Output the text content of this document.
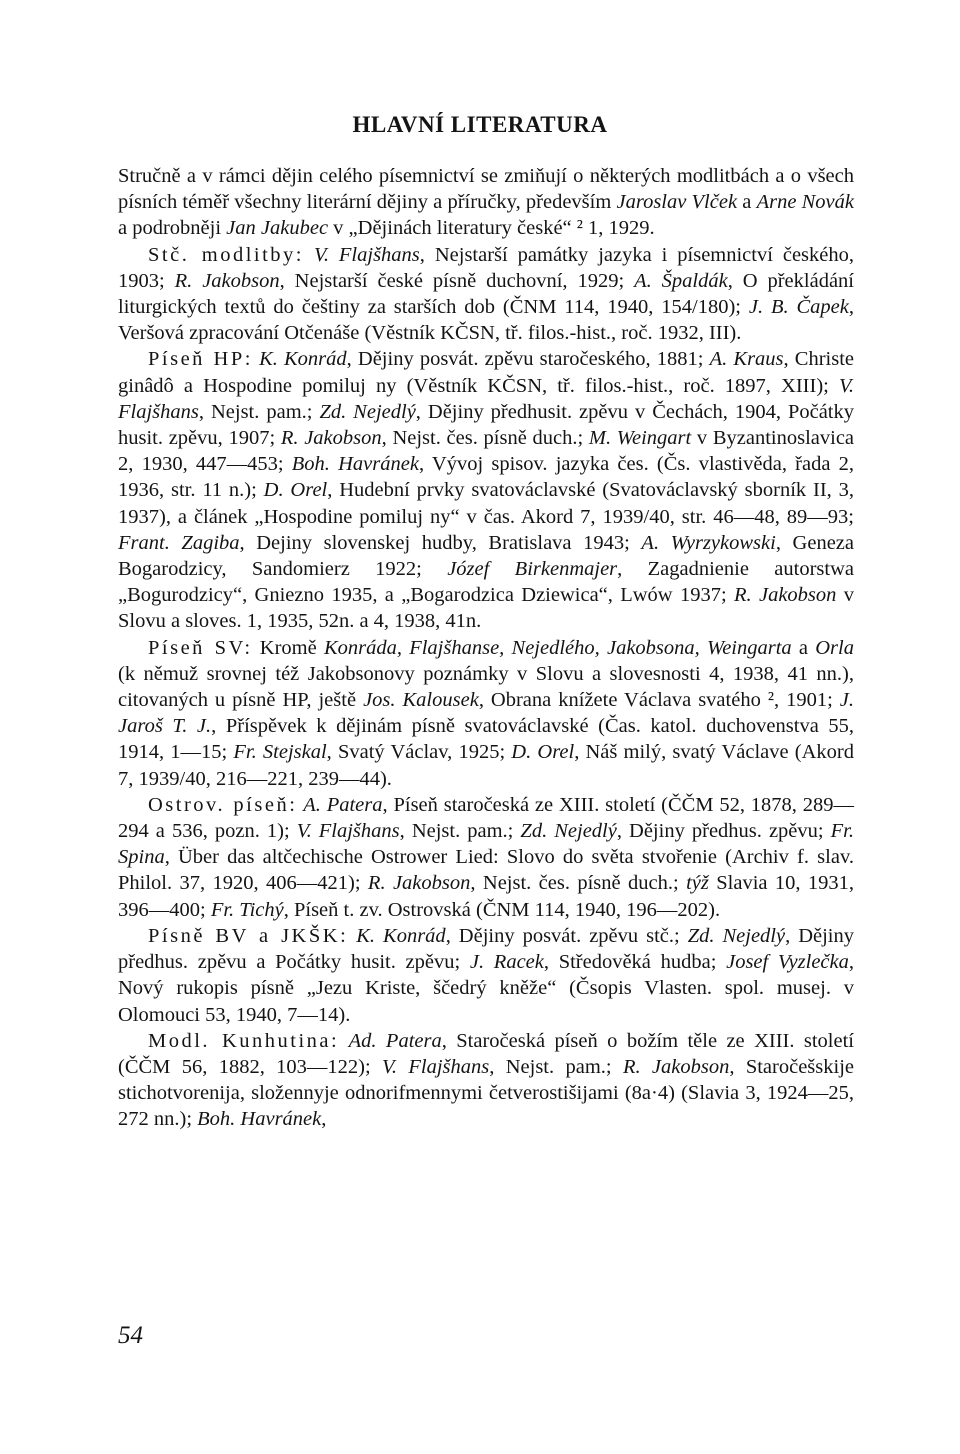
HLAVNÍ LITERATURA

Stručně a v rámci dějin celého písemnictví se zmiňují o některých modlitbách a o všech písních téměř všechny literární dějiny a příručky, především Jaroslav Vlček a Arne Novák a podrobněji Jan Jakubec v „Dějinách literatury české“ ² 1, 1929.

Stč. modlitby: V. Flajšhans, Nejstarší památky jazyka i písemnictví českého, 1903; R. Jakobson, Nejstarší české písně duchovní, 1929; A. Špaldák, O překládání liturgických textů do češtiny za starších dob (ČNM 114, 1940, 154/180); J. B. Čapek, Veršová zpracování Otčenáše (Věstník KČSN, tř. filos.-hist., roč. 1932, III).

Píseň HP: K. Konrád, Dějiny posvát. zpěvu staročeského, 1881; A. Kraus, Christe ginâdô a Hospodine pomiluj ny (Věstník KČSN, tř. filos.-hist., roč. 1897, XIII); V. Flajšhans, Nejst. pam.; Zd. Nejedlý, Dějiny předhusit. zpěvu v Čechách, 1904, Počátky husit. zpěvu, 1907; R. Jakobson, Nejst. čes. písně duch.; M. Weingart v Byzantinoslavica 2, 1930, 447—453; Boh. Havránek, Vývoj spisov. jazyka čes. (Čs. vlastivěda, řada 2, 1936, str. 11 n.); D. Orel, Hudební prvky svatováclavské (Svatováclavský sborník II, 3, 1937), a článek „Hospodine pomiluj ny“ v čas. Akord 7, 1939/40, str. 46—48, 89—93; Frant. Zagiba, Dejiny slovenskej hudby, Bratislava 1943; A. Wyrzykowski, Geneza Bogarodzicy, Sandomierz 1922; Józef Birkenmajer, Zagadnienie autorstwa „Bogurodzicy“, Gniezno 1935, a „Bogarodzica Dziewica“, Lwów 1937; R. Jakobson v Slovu a sloves. 1, 1935, 52n. a 4, 1938, 41n.

Píseň SV: Kromě Konráda, Flajšhanse, Nejedlého, Jakobsona, Weingarta a Orla (k němuž srovnej též Jakobsonovy poznámky v Slovu a slovesnosti 4, 1938, 41 nn.), citovaných u písně HP, ještě Jos. Kalousek, Obrana knížete Václava svatého ², 1901; J. Jaroš T. J., Příspěvek k dějinám písně svatováclavské (Čas. katol. duchovenstva 55, 1914, 1—15; Fr. Stejskal, Svatý Václav, 1925; D. Orel, Náš milý, svatý Václave (Akord 7, 1939/40, 216—221, 239—44).

Ostrov. píseň: A. Patera, Píseň staročeská ze XIII. století (ČČM 52, 1878, 289—294 a 536, pozn. 1); V. Flajšhans, Nejst. pam.; Zd. Nejedlý, Dějiny předhus. zpěvu; Fr. Spina, Über das altčechische Ostrower Lied: Slovo do světa stvořenie (Archiv f. slav. Philol. 37, 1920, 406—421); R. Jakobson, Nejst. čes. písně duch.; týž Slavia 10, 1931, 396—400; Fr. Tichý, Píseň t. zv. Ostrovská (ČNM 114, 1940, 196—202).

Písně BV a JKŠK: K. Konrád, Dějiny posvát. zpěvu stč.; Zd. Nejedlý, Dějiny předhus. zpěvu a Počátky husit. zpěvu; J. Racek, Středověká hudba; Josef Vyzlečka, Nový rukopis písně „Jezu Kriste, ščedrý kněže“ (Čsopis Vlasten. spol. musej. v Olomouci 53, 1940, 7—14).

Modl. Kunhutina: Ad. Patera, Staročeská píseň o božím těle ze XIII. století (ČČM 56, 1882, 103—122); V. Flajšhans, Nejst. pam.; R. Jakobson, Staročešskije stichotvorenija, složennyje odnorifmennymi četverostišijami (8a·4) (Slavia 3, 1924—25, 272 nn.); Boh. Havránek,

54
